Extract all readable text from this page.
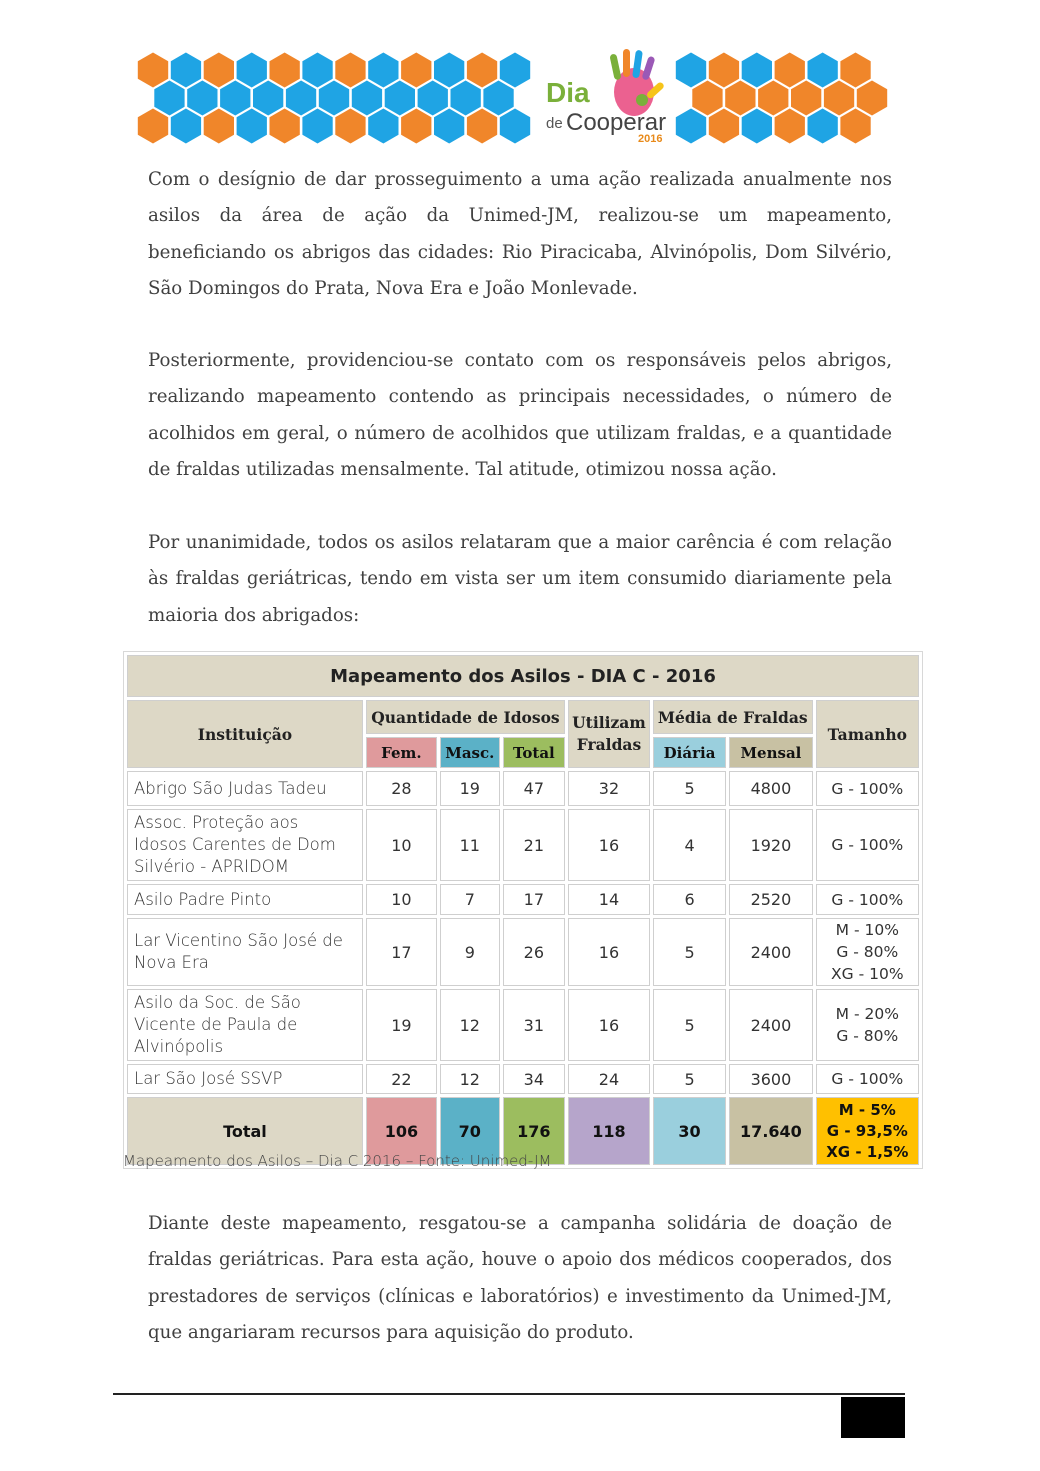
Dia
de Cooperar
2016

Com o desígnio de dar prosseguimento a uma ação realizada anualmente nos asilos da área de ação da Unimed-JM, realizou-se um mapeamento, beneficiando os abrigos das cidades: Rio Piracicaba, Alvinópolis, Dom Silvério, São Domingos do Prata, Nova Era e João Monlevade.

Posteriormente, providenciou-se contato com os responsáveis pelos abrigos, realizando mapeamento contendo as principais necessidades, o número de acolhidos em geral, o número de acolhidos que utilizam fraldas, e a quantidade de fraldas utilizadas mensalmente. Tal atitude, otimizou nossa ação.

Por unanimidade, todos os asilos relataram que a maior carência é com relação às fraldas geriátricas, tendo em vista ser um item consumido diariamente pela maioria dos abrigados:

Mapeamento dos Asilos - DIA C - 2016							
Instituição	Quantidade de Idosos			Utilizam Fraldas	Média de Fraldas		Tamanho
	Fem.	Masc.	Total		Diária	Mensal	
Abrigo São Judas Tadeu	28	19	47	32	5	4800	G - 100%

Assoc. Proteção aos Idosos Carentes de Dom Silvério - APRIDOM	10	11	21	16	4	1920	G - 100%

Asilo Padre Pinto	10	7	17	14	6	2520	G - 100%

Lar Vicentino São José de Nova Era	17	9	26	16	5	2400	M - 10%
G - 80%
XG - 10%

Asilo da Soc. de São Vicente de Paula de Alvinópolis	19	12	31	16	5	2400	M - 20%
G - 80%

Lar São José SSVP	22	12	34	24	5	3600	G - 100%

Total	106	70	176	118	30	17.640	M - 5%
G - 93,5%
XG - 1,5%
Mapeamento dos Asilos – Dia C 2016 – Fonte: Unimed-JM

Diante deste mapeamento, resgatou-se a campanha solidária de doação de fraldas geriátricas. Para esta ação, houve o apoio dos médicos cooperados, dos prestadores de serviços (clínicas e laboratórios) e investimento da Unimed-JM, que angariaram recursos para aquisição do produto.
